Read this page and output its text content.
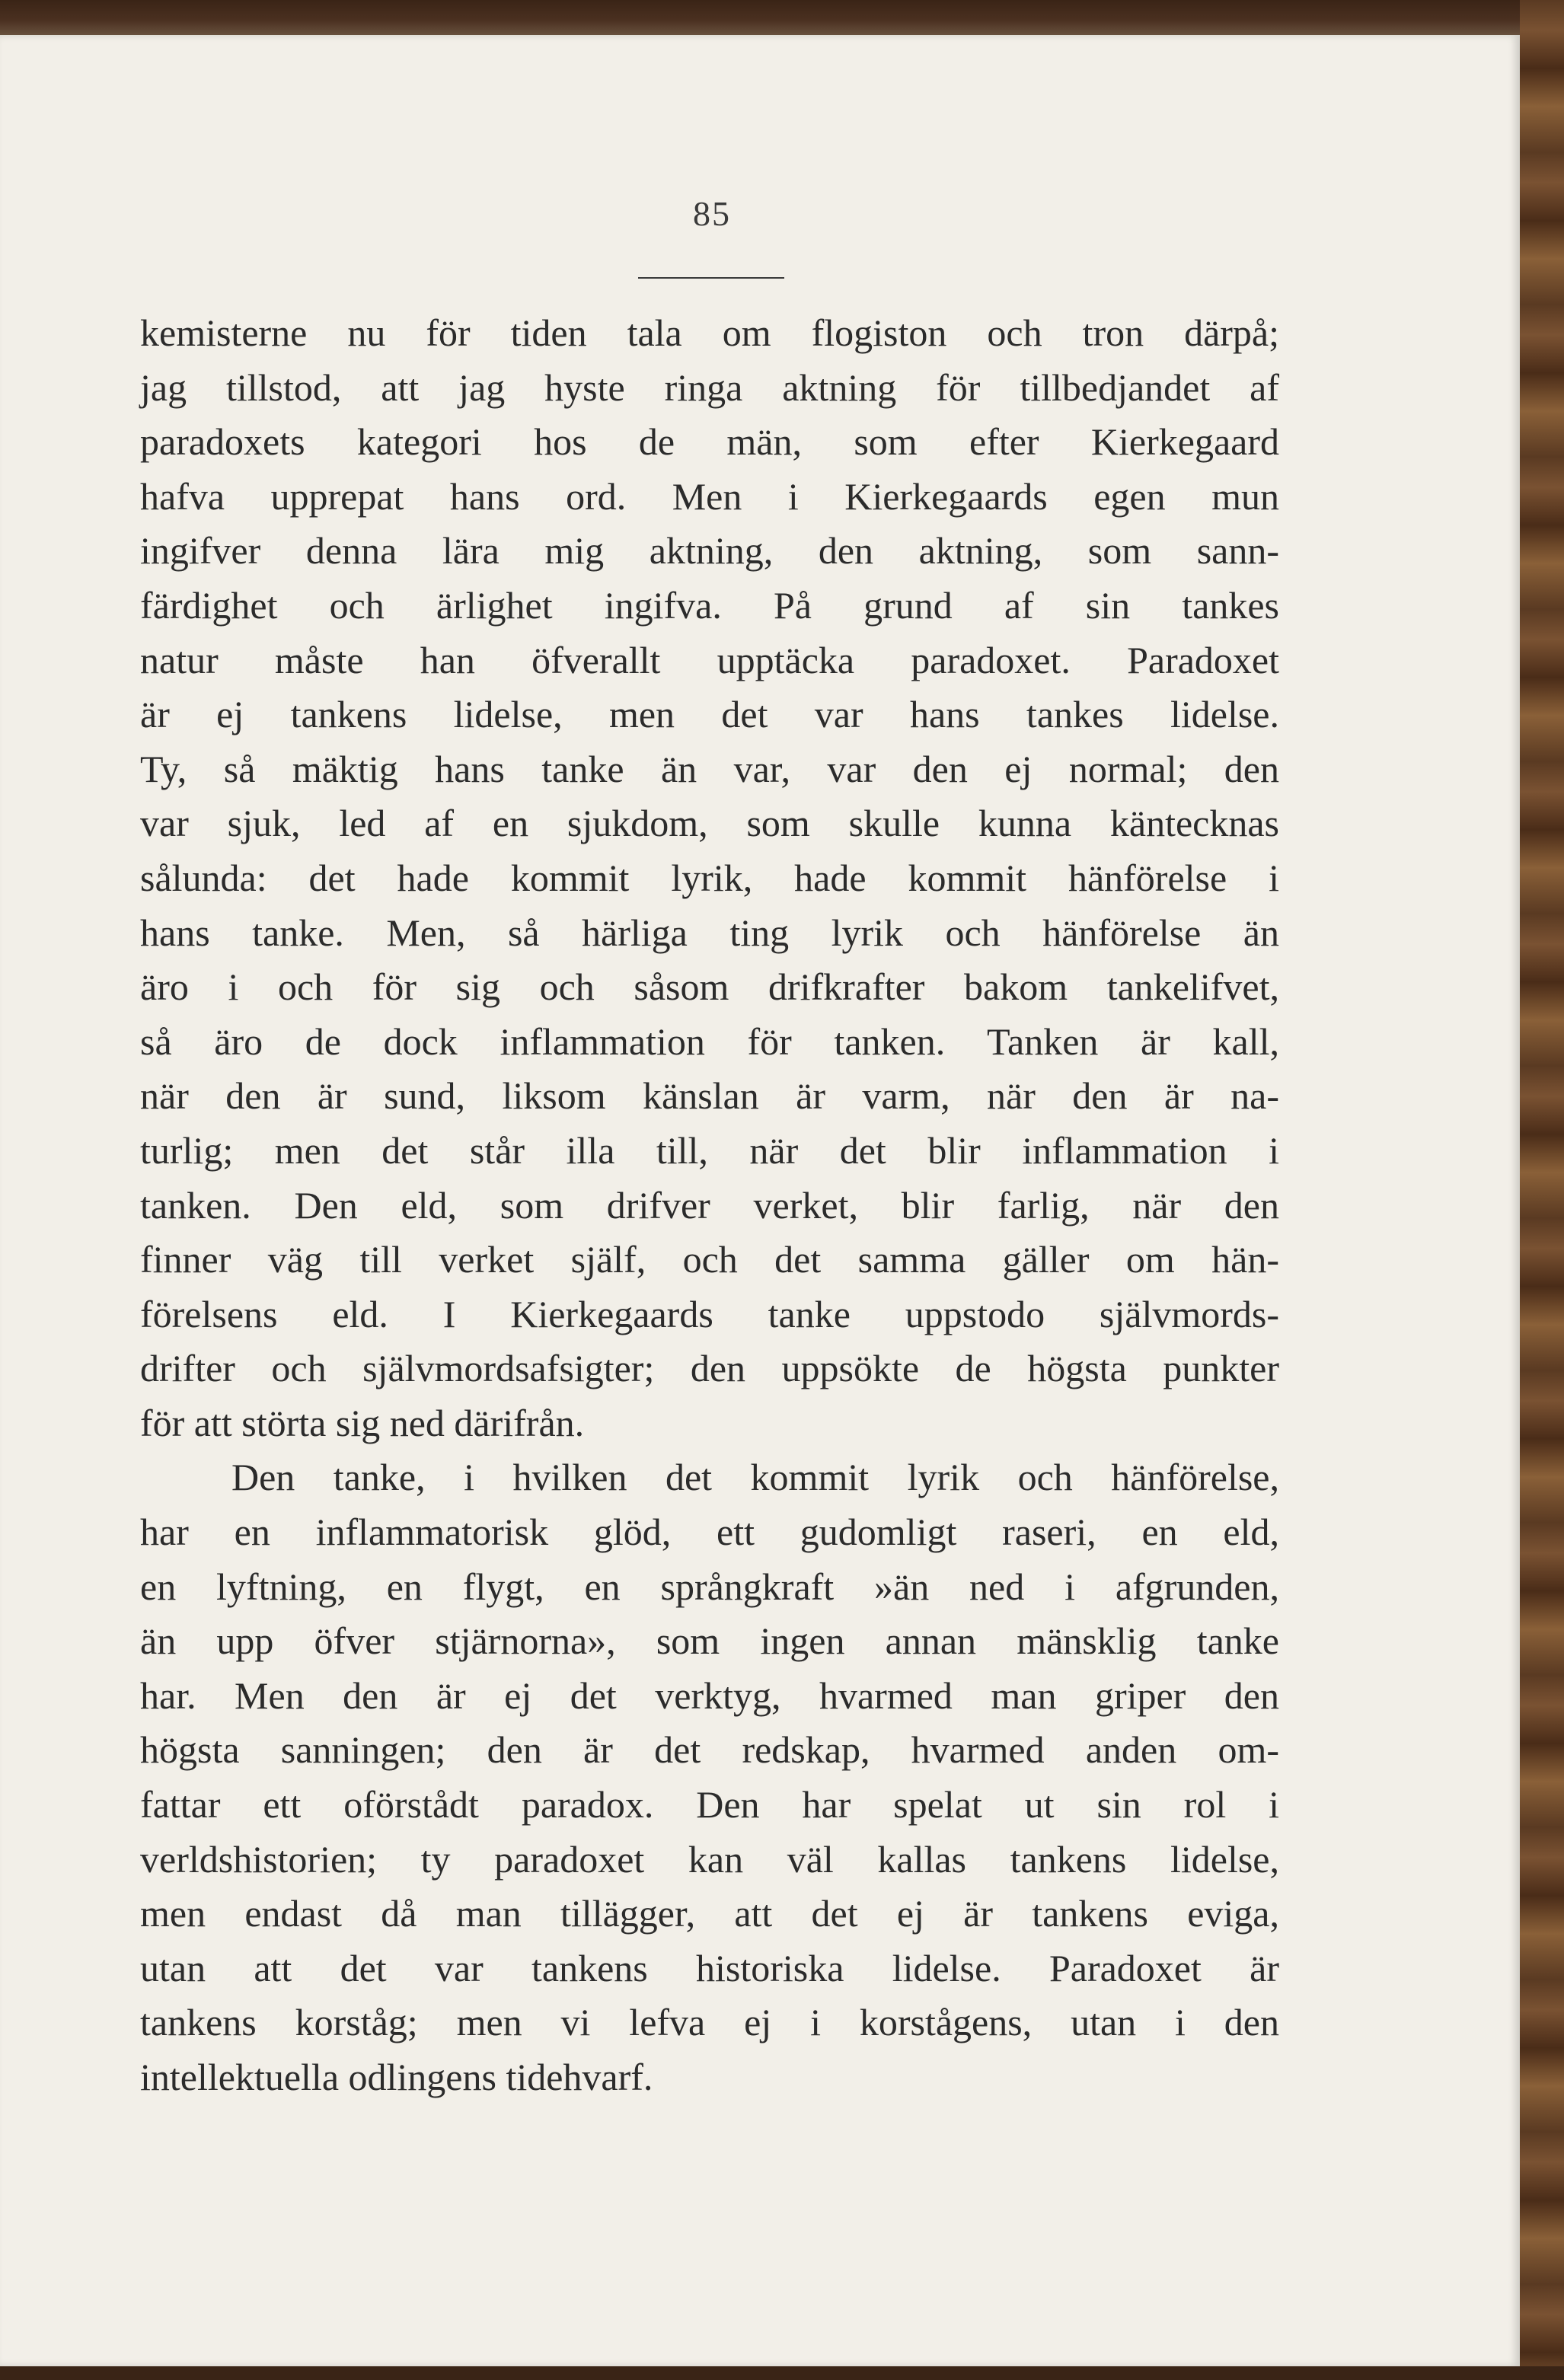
85
kemisterne nu för tiden tala om flogiston och tron därpå;
jag tillstod, att jag hyste ringa aktning för tillbedjandet af
paradoxets kategori hos de män, som efter Kierkegaard
hafva upprepat hans ord. Men i Kierkegaards egen mun
ingifver denna lära mig aktning, den aktning, som sann-
färdighet och ärlighet ingifva. På grund af sin tankes
natur måste han öfverallt upptäcka paradoxet. Paradoxet
är ej tankens lidelse, men det var hans tankes lidelse.
Ty, så mäktig hans tanke än var, var den ej normal; den
var sjuk, led af en sjukdom, som skulle kunna käntecknas
sålunda: det hade kommit lyrik, hade kommit hänförelse i
hans tanke. Men, så härliga ting lyrik och hänförelse än
äro i och för sig och såsom drifkrafter bakom tankelifvet,
så äro de dock inflammation för tanken. Tanken är kall,
när den är sund, liksom känslan är varm, när den är na-
turlig; men det står illa till, när det blir inflammation i
tanken. Den eld, som drifver verket, blir farlig, när den
finner väg till verket själf, och det samma gäller om hän-
förelsens eld. I Kierkegaards tanke uppstodo självmords-
drifter och självmordsafsigter; den uppsökte de högsta punkter
för att störta sig ned därifrån.
Den tanke, i hvilken det kommit lyrik och hänförelse,
har en inflammatorisk glöd, ett gudomligt raseri, en eld,
en lyftning, en flygt, en språngkraft »än ned i afgrunden,
än upp öfver stjärnorna», som ingen annan mänsklig tanke
har. Men den är ej det verktyg, hvarmed man griper den
högsta sanningen; den är det redskap, hvarmed anden om-
fattar ett oförstådt paradox. Den har spelat ut sin rol i
verldshistorien; ty paradoxet kan väl kallas tankens lidelse,
men endast då man tillägger, att det ej är tankens eviga,
utan att det var tankens historiska lidelse. Paradoxet är
tankens korståg; men vi lefva ej i korstågens, utan i den
intellektuella odlingens tidehvarf.
